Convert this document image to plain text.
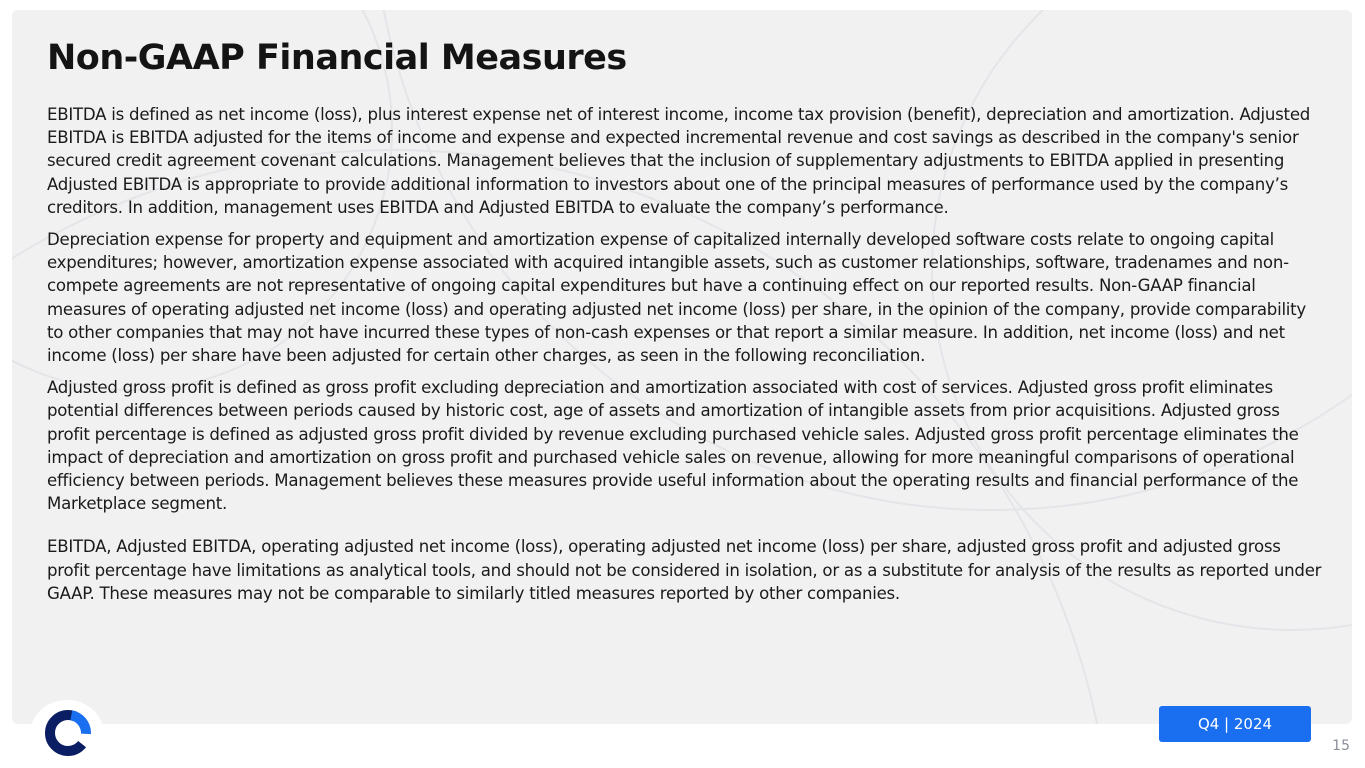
Non-GAAP Financial Measures

EBITDA is defined as net income (loss), plus interest expense net of interest income, income tax provision (benefit), depreciation and amortization. Adjusted EBITDA is EBITDA adjusted for the items of income and expense and expected incremental revenue and cost savings as described in the company's senior secured credit agreement covenant calculations. Management believes that the inclusion of supplementary adjustments to EBITDA applied in presenting Adjusted EBITDA is appropriate to provide additional information to investors about one of the principal measures of performance used by the company’s creditors. In addition, management uses EBITDA and Adjusted EBITDA to evaluate the company’s performance.

Depreciation expense for property and equipment and amortization expense of capitalized internally developed software costs relate to ongoing capital expenditures; however, amortization expense associated with acquired intangible assets, such as customer relationships, software, tradenames and non-compete agreements are not representative of ongoing capital expenditures but have a continuing effect on our reported results. Non-GAAP financial measures of operating adjusted net income (loss) and operating adjusted net income (loss) per share, in the opinion of the company, provide comparability to other companies that may not have incurred these types of non-cash expenses or that report a similar measure. In addition, net income (loss) and net income (loss) per share have been adjusted for certain other charges, as seen in the following reconciliation.

Adjusted gross profit is defined as gross profit excluding depreciation and amortization associated with cost of services. Adjusted gross profit eliminates potential differences between periods caused by historic cost, age of assets and amortization of intangible assets from prior acquisitions. Adjusted gross profit percentage is defined as adjusted gross profit divided by revenue excluding purchased vehicle sales. Adjusted gross profit percentage eliminates the impact of depreciation and amortization on gross profit and purchased vehicle sales on revenue, allowing for more meaningful comparisons of operational efficiency between periods. Management believes these measures provide useful information about the operating results and financial performance of the Marketplace segment.

EBITDA, Adjusted EBITDA, operating adjusted net income (loss), operating adjusted net income (loss) per share, adjusted gross profit and adjusted gross profit percentage have limitations as analytical tools, and should not be considered in isolation, or as a substitute for analysis of the results as reported under GAAP. These measures may not be comparable to similarly titled measures reported by other companies.

Q4 | 2024
15
